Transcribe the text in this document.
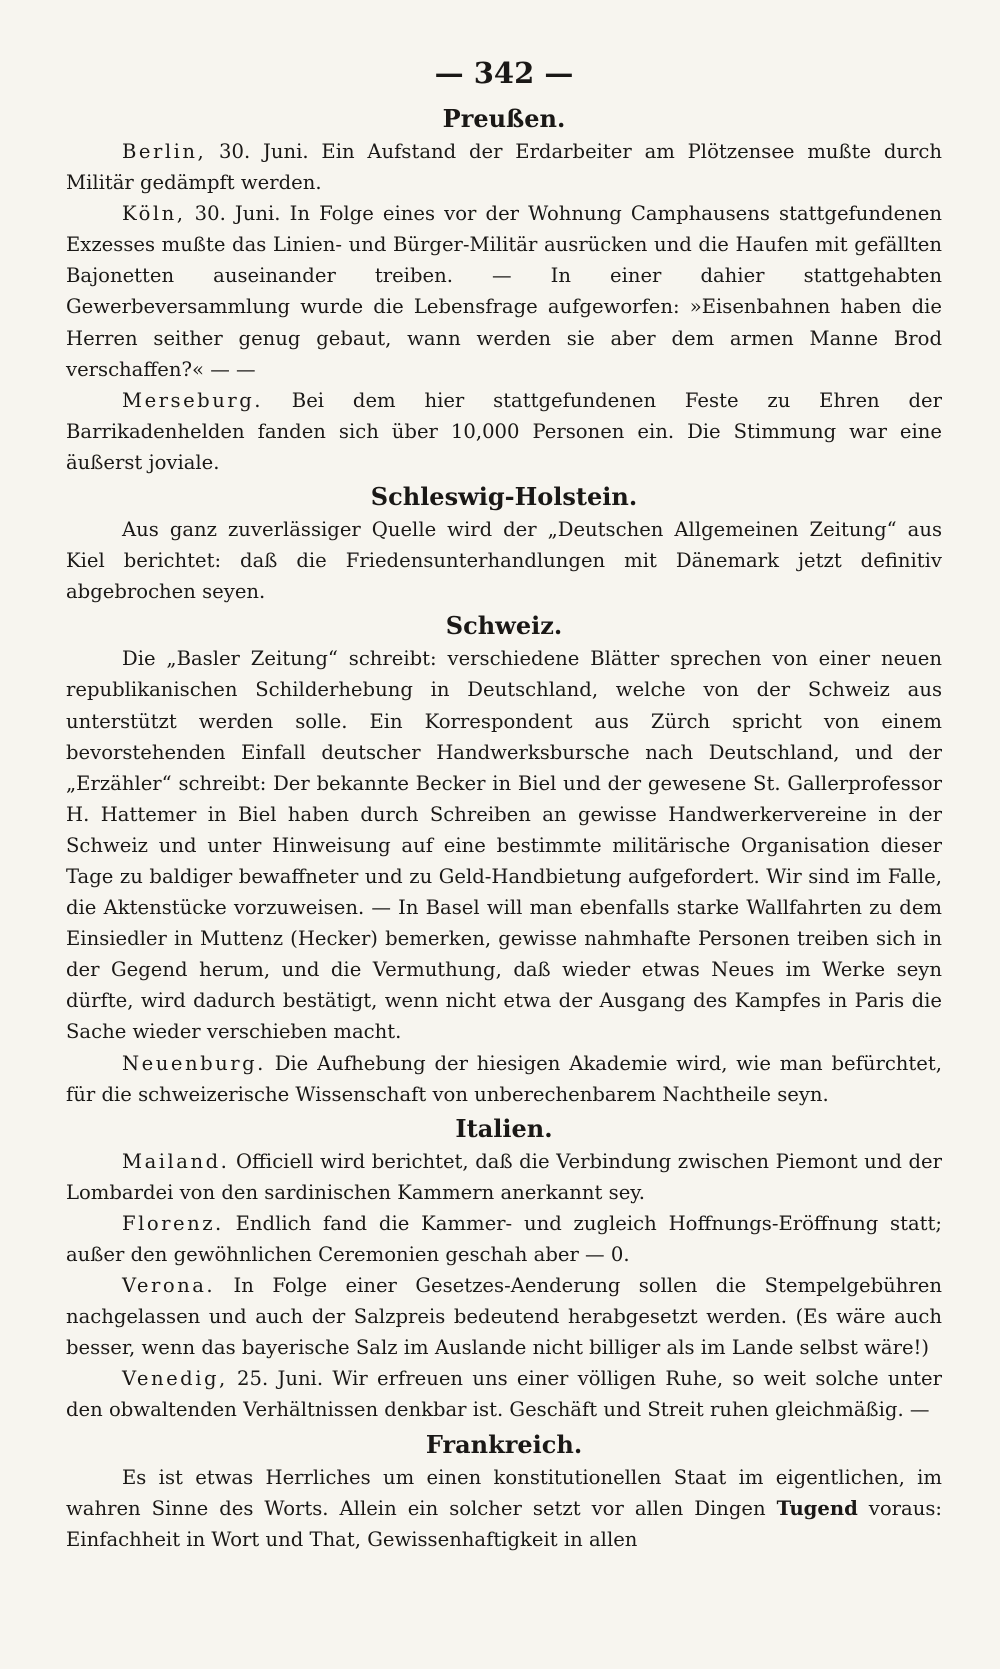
— 342 —
Preußen.

Berlin, 30. Juni. Ein Aufstand der Erdarbeiter am Plötzensee mußte durch Militär gedämpft werden.

Köln, 30. Juni. In Folge eines vor der Wohnung Camphausens stattgefundenen Exzesses mußte das Linien- und Bürger-Militär ausrücken und die Haufen mit gefällten Bajonetten auseinander treiben. — In einer dahier stattgehabten Gewerbeversammlung wurde die Lebensfrage aufgeworfen: »Eisenbahnen haben die Herren seither genug gebaut, wann werden sie aber dem armen Manne Brod verschaffen?« — —

Merseburg. Bei dem hier stattgefundenen Feste zu Ehren der Barrikadenhelden fanden sich über 10,000 Personen ein. Die Stimmung war eine äußerst joviale.

Schleswig-Holstein.

Aus ganz zuverlässiger Quelle wird der „Deutschen Allgemeinen Zeitung“ aus Kiel berichtet: daß die Friedensunterhandlungen mit Dänemark jetzt definitiv abgebrochen seyen.

Schweiz.

Die „Basler Zeitung“ schreibt: verschiedene Blätter sprechen von einer neuen republikanischen Schilderhebung in Deutschland, welche von der Schweiz aus unterstützt werden solle. Ein Korrespondent aus Zürch spricht von einem bevorstehenden Einfall deutscher Handwerksbursche nach Deutschland, und der „Erzähler“ schreibt: Der bekannte Becker in Biel und der gewesene St. Gallerprofessor H. Hattemer in Biel haben durch Schreiben an gewisse Handwerkervereine in der Schweiz und unter Hinweisung auf eine bestimmte militärische Organisation dieser Tage zu baldiger bewaffneter und zu Geld-Handbietung aufgefordert. Wir sind im Falle, die Aktenstücke vorzuweisen. — In Basel will man ebenfalls starke Wallfahrten zu dem Einsiedler in Muttenz (Hecker) bemerken, gewisse nahmhafte Personen treiben sich in der Gegend herum, und die Vermuthung, daß wieder etwas Neues im Werke seyn dürfte, wird dadurch bestätigt, wenn nicht etwa der Ausgang des Kampfes in Paris die Sache wieder verschieben macht.

Neuenburg. Die Aufhebung der hiesigen Akademie wird, wie man befürchtet, für die schweizerische Wissenschaft von unberechenbarem Nachtheile seyn.

Italien.

Mailand. Officiell wird berichtet, daß die Verbindung zwischen Piemont und der Lombardei von den sardinischen Kammern anerkannt sey.

Florenz. Endlich fand die Kammer- und zugleich Hoffnungs-Eröffnung statt; außer den gewöhnlichen Ceremonien geschah aber — 0.

Verona. In Folge einer Gesetzes-Aenderung sollen die Stempelgebühren nachgelassen und auch der Salzpreis bedeutend herabgesetzt werden. (Es wäre auch besser, wenn das bayerische Salz im Auslande nicht billiger als im Lande selbst wäre!)

Venedig, 25. Juni. Wir erfreuen uns einer völligen Ruhe, so weit solche unter den obwaltenden Verhältnissen denkbar ist. Geschäft und Streit ruhen gleichmäßig. —

Frankreich.

Es ist etwas Herrliches um einen konstitutionellen Staat im eigentlichen, im wahren Sinne des Worts. Allein ein solcher setzt vor allen Dingen Tugend voraus: Einfachheit in Wort und That, Gewissenhaftigkeit in allen
